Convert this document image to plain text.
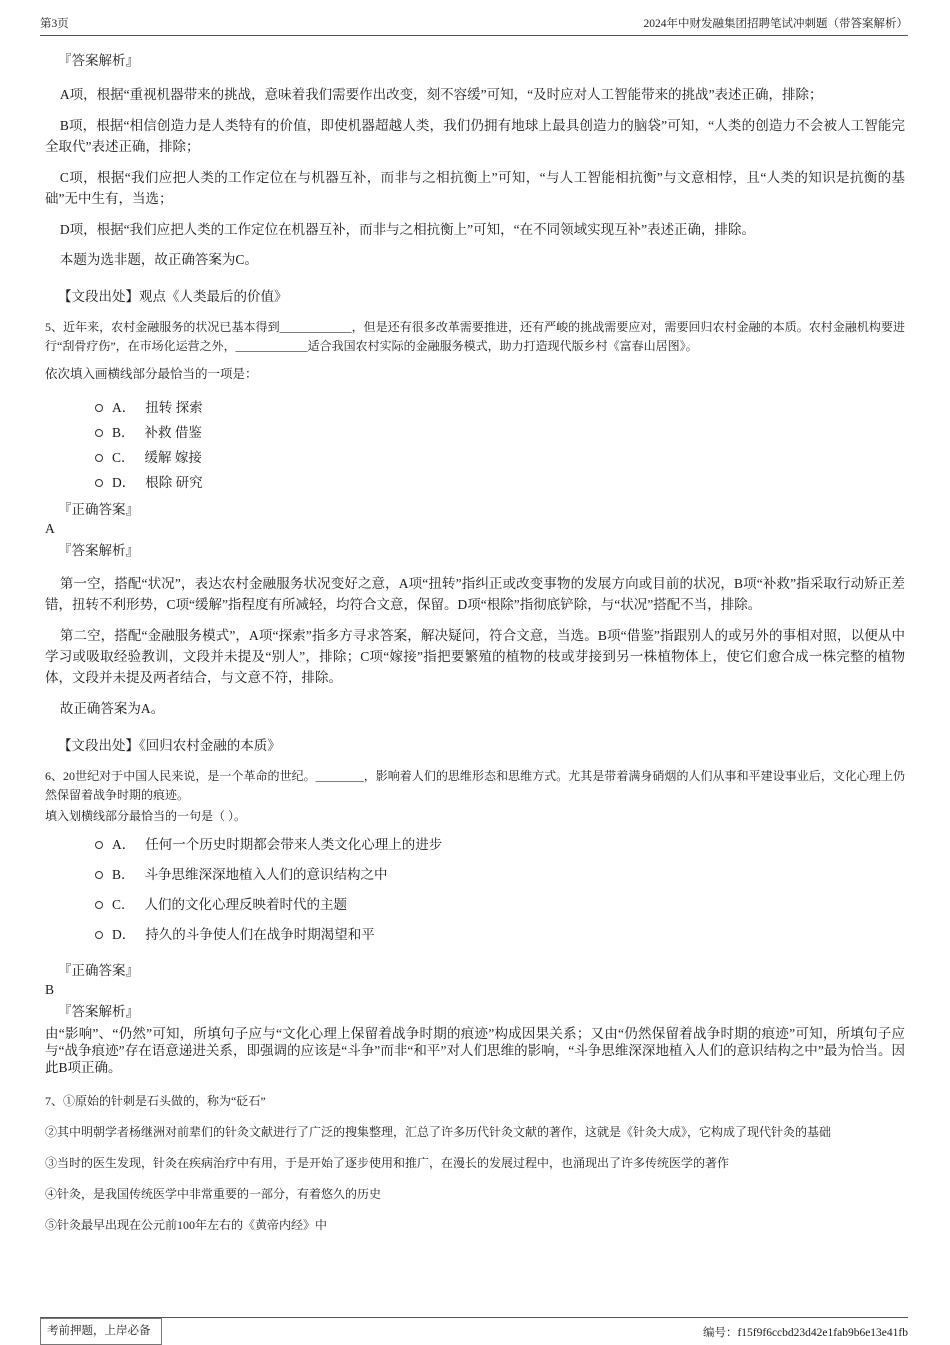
第3页	2024年中财发融集团招聘笔试冲刺题（带答案解析）
『答案解析』
A项，根据“重视机器带来的挑战，意味着我们需要作出改变，刻不容缓”可知，“及时应对人工智能带来的挑战”表述正确，排除；
B项，根据“相信创造力是人类特有的价值，即使机器超越人类，我们仍拥有地球上最具创造力的脑袋”可知，“人类的创造力不会被人工智能完全取代”表述正确，排除；
C项，根据“我们应把人类的工作定位在与机器互补，而非与之相抗衡上”可知，“与人工智能相抗衡”与文意相悖，且“人类的知识是抗衡的基础”无中生有，当选；
D项，根据“我们应把人类的工作定位在机器互补，而非与之相抗衡上”可知，“在不同领域实现互补”表述正确，排除。
本题为选非题，故正确答案为C。
【文段出处】观点《人类最后的价值》
5、近年来，农村金融服务的状况已基本得到____________，但是还有很多改革需要推进，还有严峻的挑战需要应对，需要回归农村金融的本质。农村金融机构要进行“刮骨疗伤”，在市场化运营之外，____________适合我国农村实际的金融服务模式，助力打造现代版乡村《富春山居图》。
依次填入画横线部分最恰当的一项是：
A． 扭转 探索
B． 补救 借鉴
C． 缓解 嫁接
D． 根除 研究
『正确答案』
A
『答案解析』
第一空，搭配“状况”，表达农村金融服务状况变好之意，A项“扭转”指纠正或改变事物的发展方向或目前的状况，B项“补救”指采取行动矫正差错，扭转不利形势，C项“缓解”指程度有所减轻，均符合文意，保留。D项“根除”指彻底铲除，与“状况”搭配不当，排除。
第二空，搭配“金融服务模式”，A项“探索”指多方寻求答案，解决疑问，符合文意，当选。B项“借鉴”指跟别人的或另外的事相对照，以便从中学习或吸取经验教训，文段并未提及“别人”，排除；C项“嫁接”指把要繁殖的植物的枝或芽接到另一株植物体上，使它们愈合成一株完整的植物体，文段并未提及两者结合，与文意不符，排除。
故正确答案为A。
【文段出处】《回归农村金融的本质》
6、20世纪对于中国人民来说，是一个革命的世纪。________，影响着人们的思维形态和思维方式。尤其是带着满身硝烟的人们从事和平建设事业后，文化心理上仍然保留着战争时期的痕迹。
填入划横线部分最恰当的一句是（ ）。
A． 任何一个历史时期都会带来人类文化心理上的进步
B． 斗争思维深深地植入人们的意识结构之中
C． 人们的文化心理反映着时代的主题
D． 持久的斗争使人们在战争时期渴望和平
『正确答案』
B
『答案解析』
由“影响”、“仍然”可知，所填句子应与“文化心理上保留着战争时期的痕迹”构成因果关系；又由“仍然保留着战争时期的痕迹”可知，所填句子应与“战争痕迹”存在语意递进关系，即强调的应该是“斗争”而非“和平”对人们思维的影响，“斗争思维深深地植入人们的意识结构之中”最为恰当。因此B项正确。
7、①原始的针刺是石头做的，称为“砭石”
②其中明朝学者杨继洲对前辈们的针灸文献进行了广泛的搜集整理，汇总了许多历代针灸文献的著作，这就是《针灸大成》，它构成了现代针灸的基础
③当时的医生发现，针灸在疾病治疗中有用，于是开始了逐步使用和推广，在漫长的发展过程中，也涌现出了许多传统医学的著作
④针灸，是我国传统医学中非常重要的一部分，有着悠久的历史
⑤针灸最早出现在公元前100年左右的《黄帝内经》中
考前押题，上岸必备	编号：f15f9f6ccbd23d42e1fab9b6e13e41fb
